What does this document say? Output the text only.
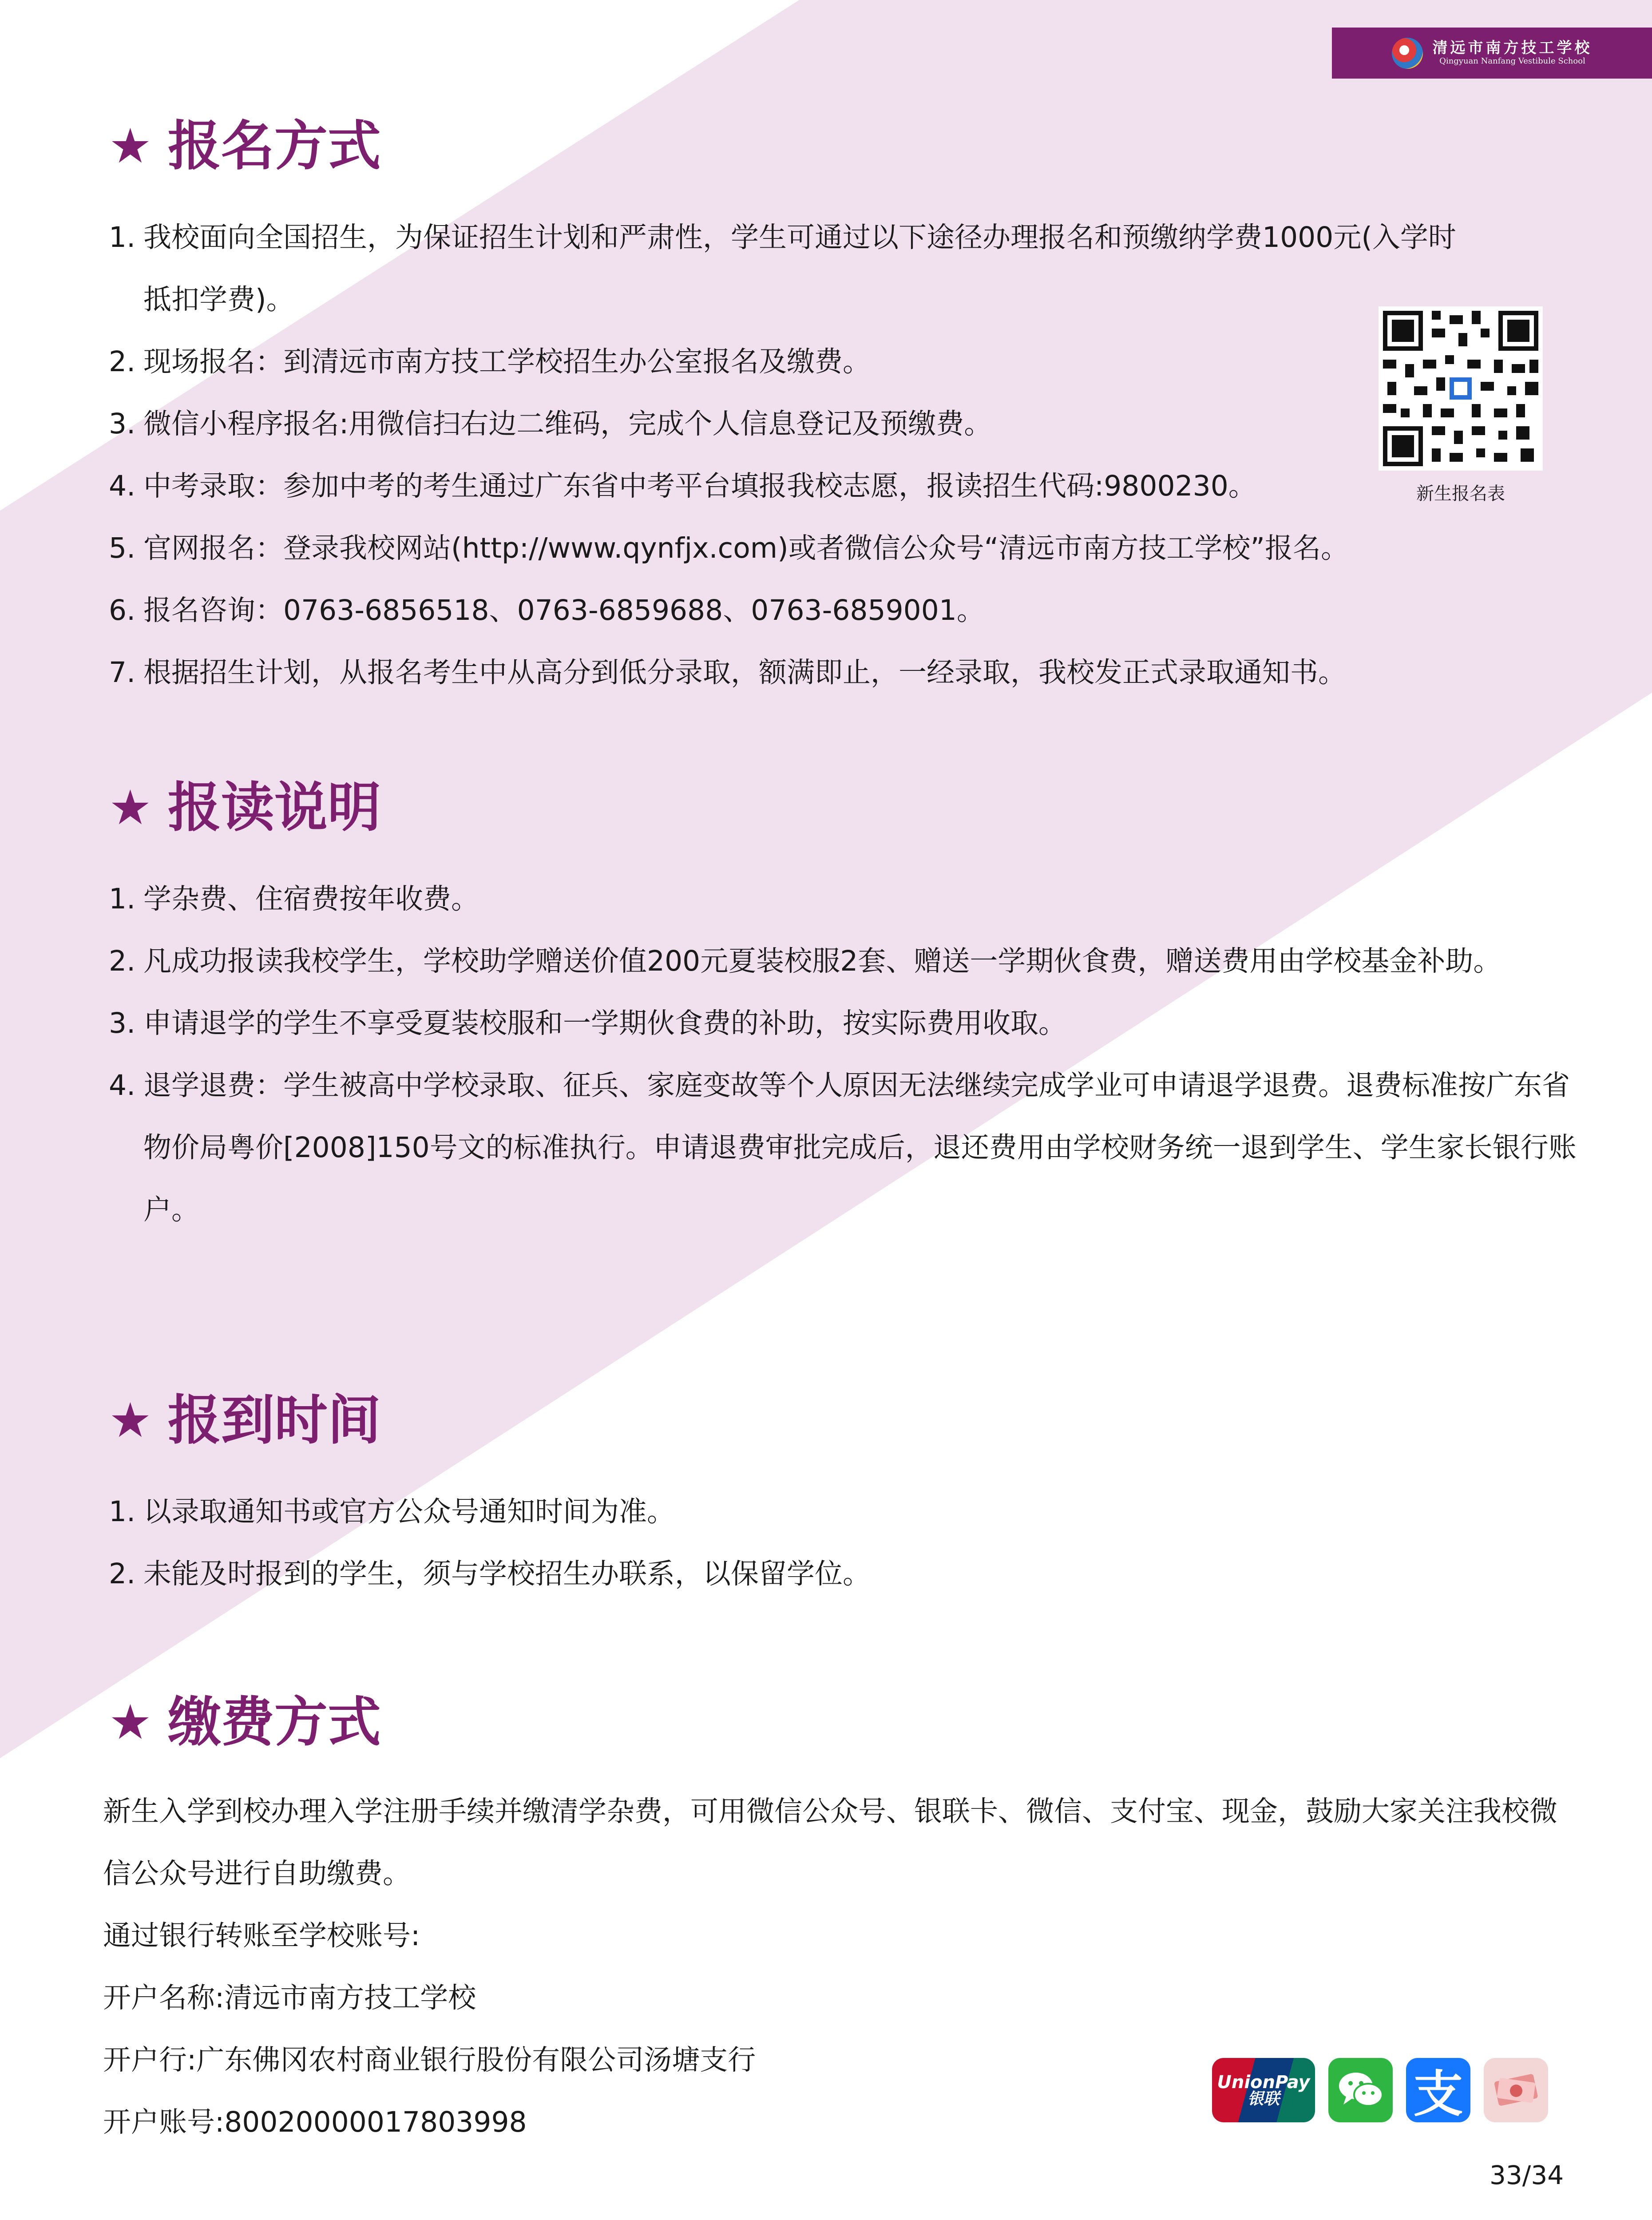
清远市南方技工学校
Qingyuan Nanfang Vestibule School
★ 报名方式
1. 我校面向全国招生，为保证招生计划和严肃性，学生可通过以下途径办理报名和预缴纳学费1000元(入学时抵扣学费)。
2. 现场报名：到清远市南方技工学校招生办公室报名及缴费。
3. 微信小程序报名:用微信扫右边二维码，完成个人信息登记及预缴费。
4. 中考录取：参加中考的考生通过广东省中考平台填报我校志愿，报读招生代码:9800230。
5. 官网报名：登录我校网站(http://www.qynfjx.com)或者微信公众号“清远市南方技工学校”报名。
6. 报名咨询：0763-6856518、0763-6859688、0763-6859001。
7. 根据招生计划，从报名考生中从高分到低分录取，额满即止，一经录取，我校发正式录取通知书。
新生报名表
★ 报读说明
1. 学杂费、住宿费按年收费。
2. 凡成功报读我校学生，学校助学赠送价值200元夏装校服2套、赠送一学期伙食费，赠送费用由学校基金补助。
3. 申请退学的学生不享受夏装校服和一学期伙食费的补助，按实际费用收取。
4. 退学退费：学生被高中学校录取、征兵、家庭变故等个人原因无法继续完成学业可申请退学退费。退费标准按广东省物价局粤价[2008]150号文的标准执行。申请退费审批完成后，退还费用由学校财务统一退到学生、学生家长银行账户。
★ 报到时间
1. 以录取通知书或官方公众号通知时间为准。
2. 未能及时报到的学生，须与学校招生办联系，以保留学位。
★ 缴费方式

新生入学到校办理入学注册手续并缴清学杂费，可用微信公众号、银联卡、微信、支付宝、现金，鼓励大家关注我校微信公众号进行自助缴费。

通过银行转账至学校账号:

开户名称:清远市南方技工学校

开户行:广东佛冈农村商业银行股份有限公司汤塘支行

开户账号:80020000017803998

UnionPay
银联	支
33/34
